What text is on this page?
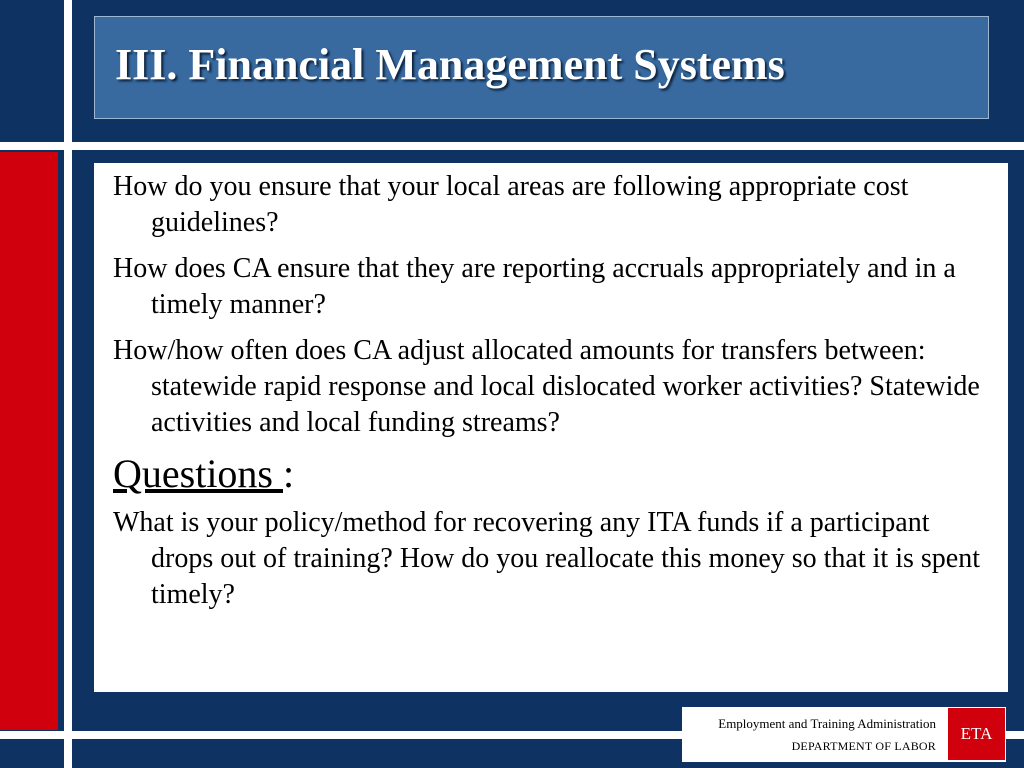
III. Financial Management Systems

How do you ensure that your local areas are following appropriate cost guidelines?

How does CA ensure that they are reporting accruals appropriately and in a timely manner?

How/how often does CA adjust allocated amounts for transfers between: statewide rapid response and local dislocated worker activities? Statewide activities and local funding streams?

Questions :

What is your policy/method for recovering any ITA funds if a participant drops out of training? How do you reallocate this money so that it is spent timely?

Employment and Training Administration
DEPARTMENT OF LABOR
ETA
